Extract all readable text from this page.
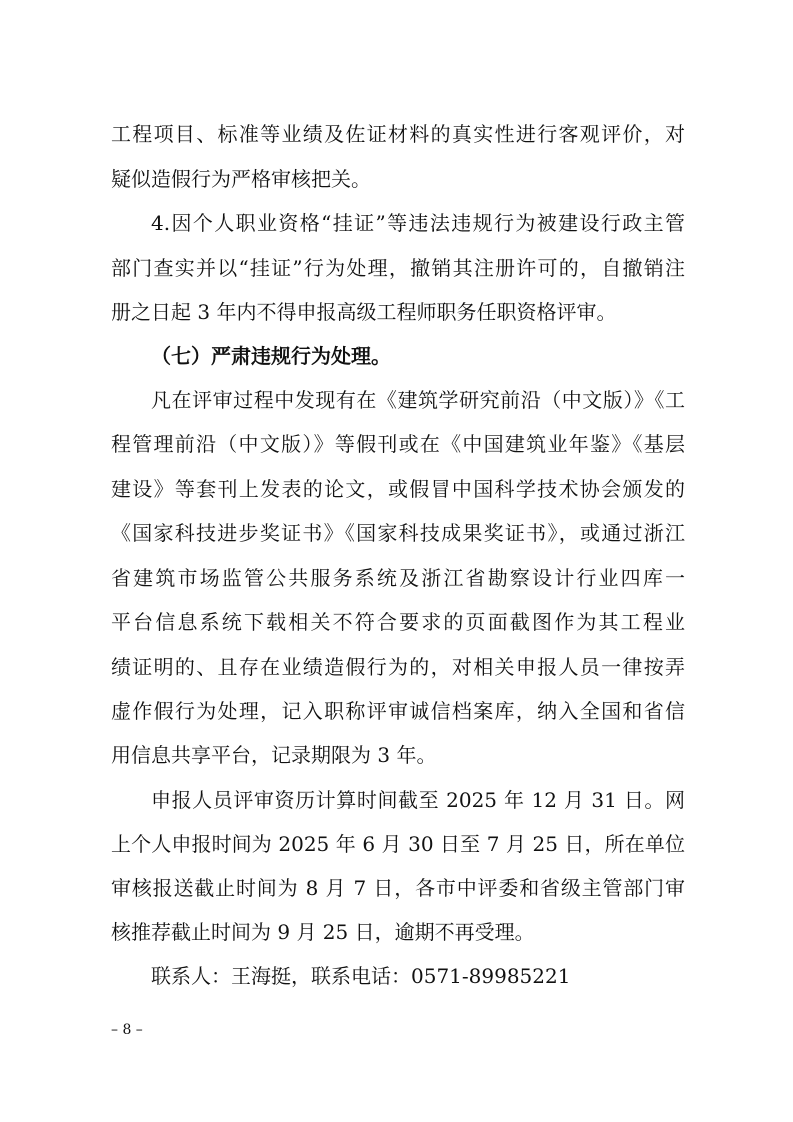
工程项目、标准等业绩及佐证材料的真实性进行客观评价，对
疑似造假行为严格审核把关。
4.因个人职业资格“挂证”等违法违规行为被建设行政主管
部门查实并以“挂证”行为处理，撤销其注册许可的，自撤销注
册之日起 3 年内不得申报高级工程师职务任职资格评审。
（七）严肃违规行为处理。
凡在评审过程中发现有在《建筑学研究前沿（中文版）》《工
程管理前沿（中文版）》等假刊或在《中国建筑业年鉴》《基层
建设》等套刊上发表的论文，或假冒中国科学技术协会颁发的
《国家科技进步奖证书》《国家科技成果奖证书》，或通过浙江
省建筑市场监管公共服务系统及浙江省勘察设计行业四库一
平台信息系统下载相关不符合要求的页面截图作为其工程业
绩证明的、且存在业绩造假行为的，对相关申报人员一律按弄
虚作假行为处理，记入职称评审诚信档案库，纳入全国和省信
用信息共享平台，记录期限为 3 年。
申报人员评审资历计算时间截至 2025 年 12 月 31 日。网
上个人申报时间为 2025 年 6 月 30 日至 7 月 25 日，所在单位
审核报送截止时间为 8 月 7 日，各市中评委和省级主管部门审
核推荐截止时间为 9 月 25 日，逾期不再受理。
联系人：王海挺，联系电话：0571-89985221
– 8 –
